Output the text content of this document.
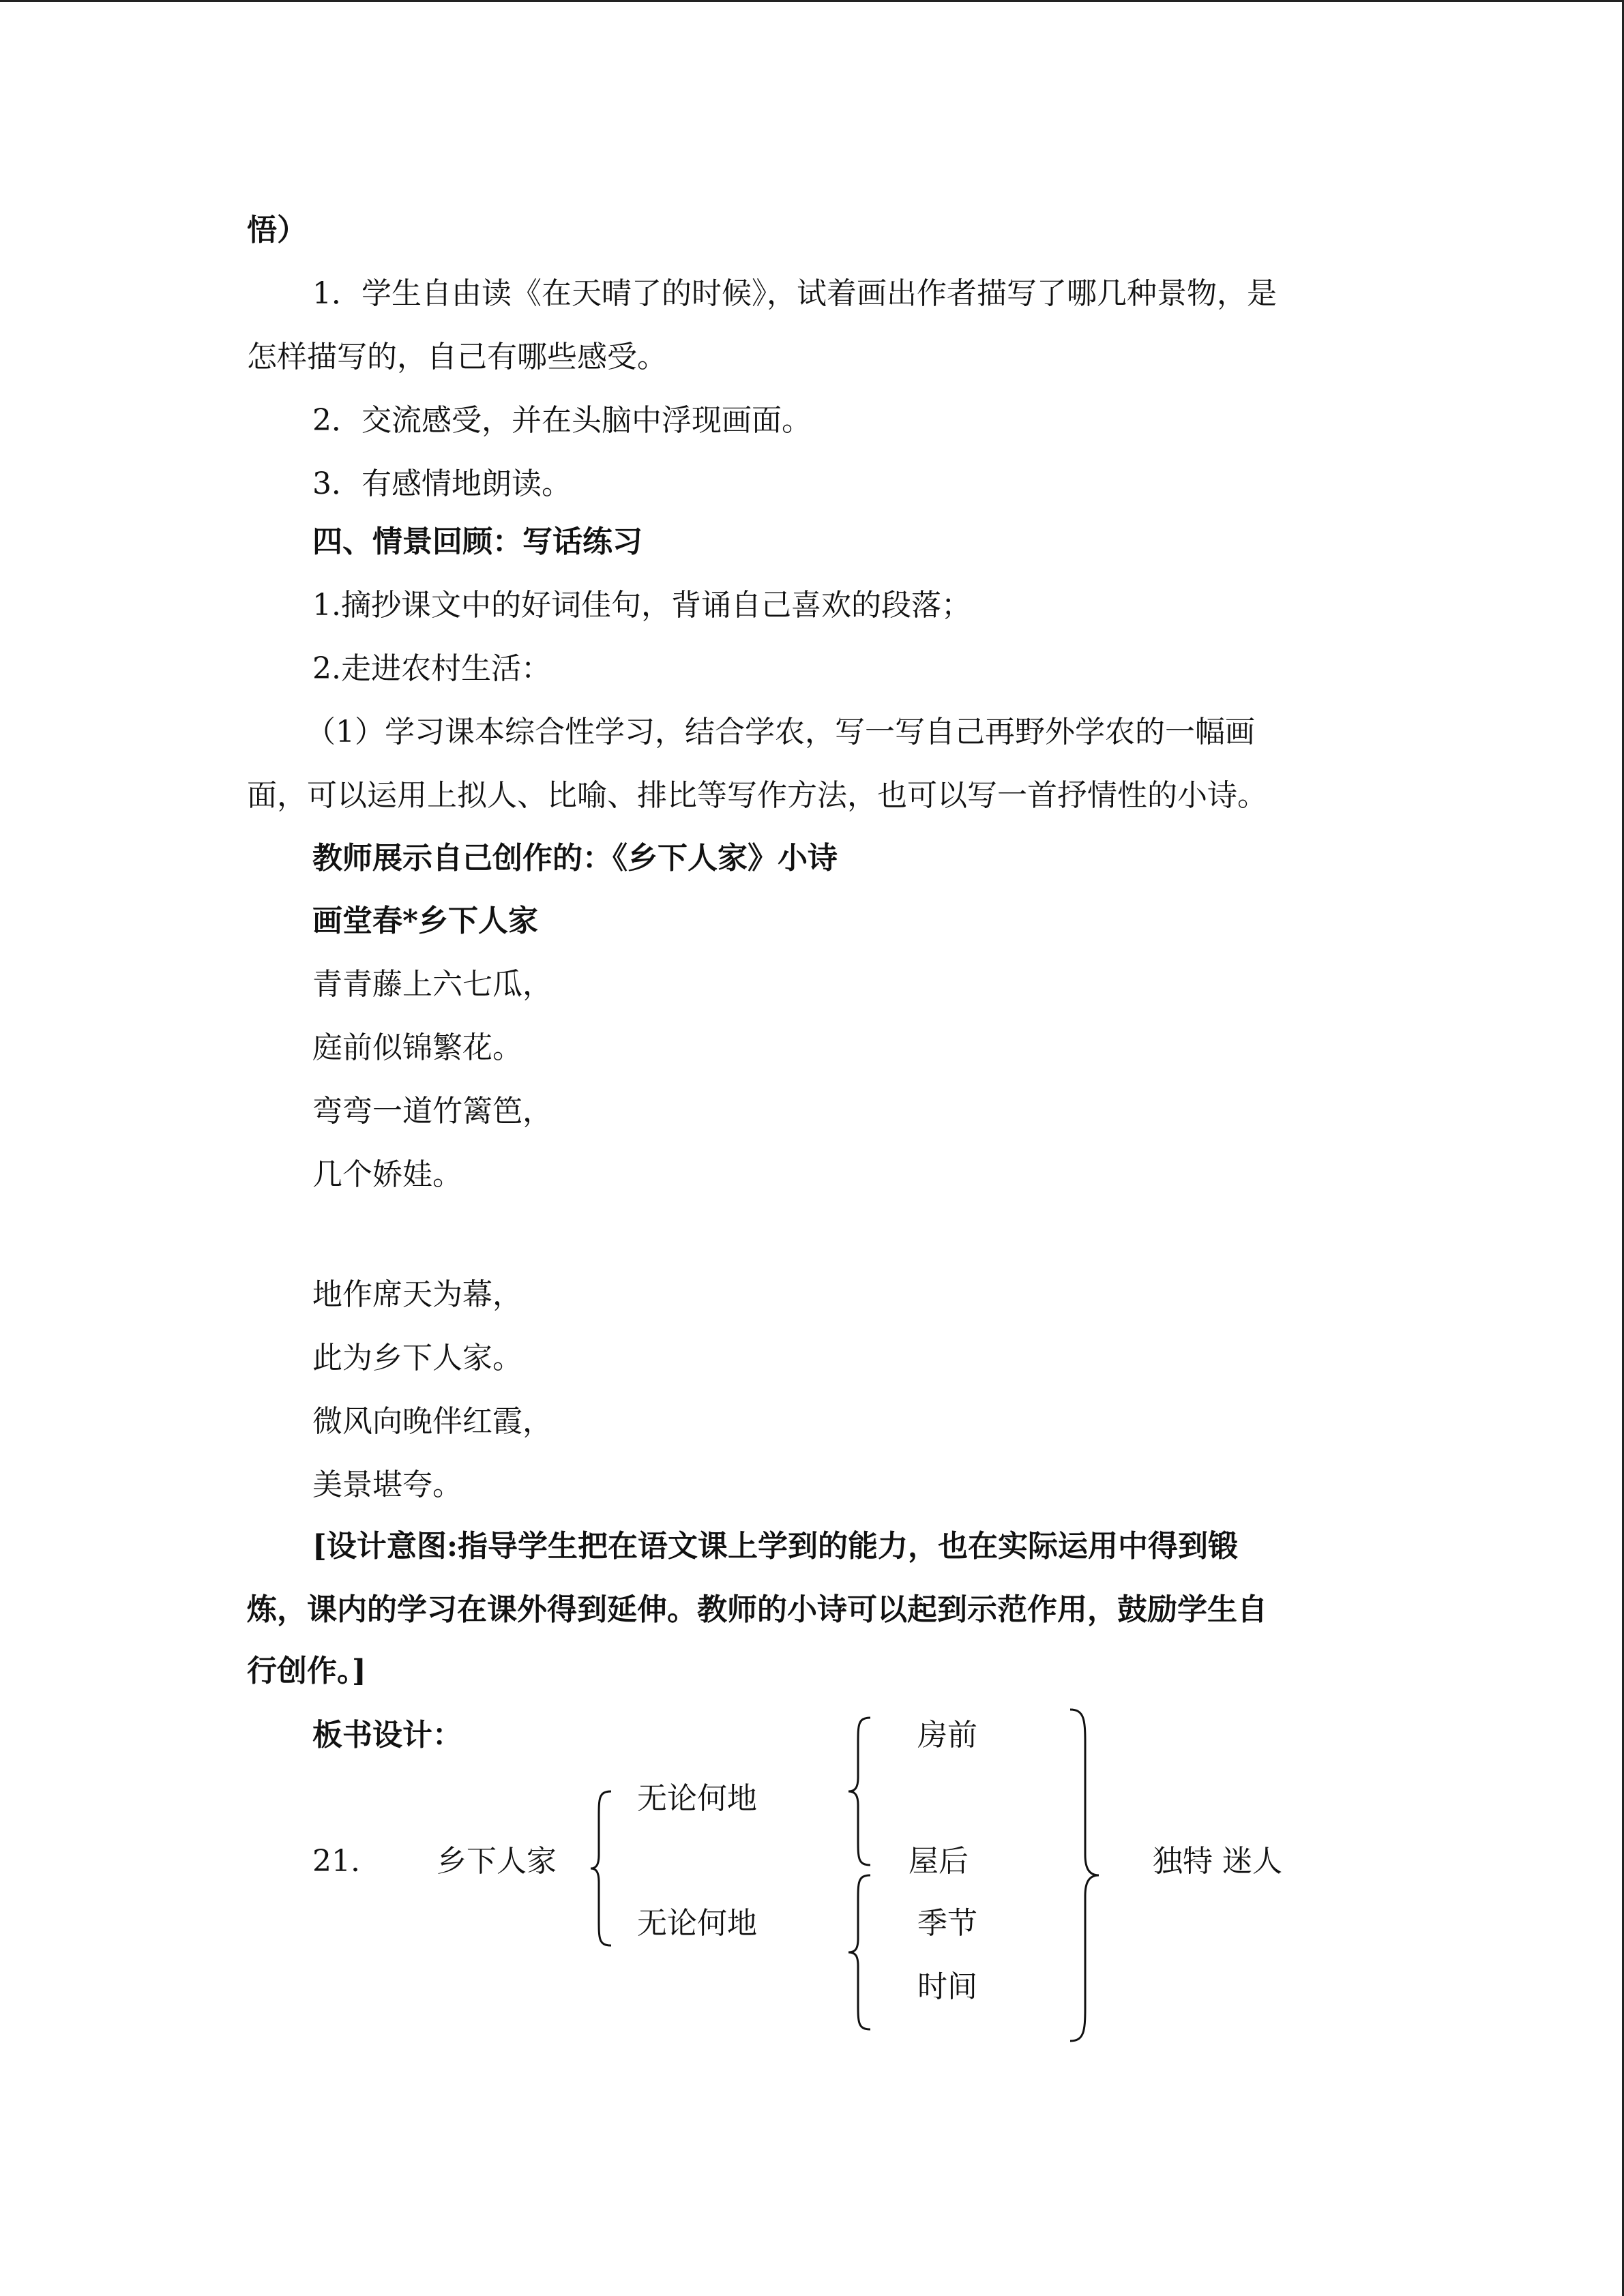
悟）
1．学生自由读《在天晴了的时候》，试着画出作者描写了哪几种景物，是
怎样描写的，自己有哪些感受。
2．交流感受，并在头脑中浮现画面。
3．有感情地朗读。
四、情景回顾：写话练习
1.摘抄课文中的好词佳句，背诵自己喜欢的段落；
2.走进农村生活：
（1）学习课本综合性学习，结合学农，写一写自己再野外学农的一幅画
面，可以运用上拟人、比喻、排比等写作方法，也可以写一首抒情性的小诗。
教师展示自己创作的：《乡下人家》小诗
画堂春*乡下人家
青青藤上六七瓜，
庭前似锦繁花。
弯弯一道竹篱笆，
几个娇娃。
地作席天为幕，
此为乡下人家。
微风向晚伴红霞，
美景堪夸。
[设计意图:指导学生把在语文课上学到的能力，也在实际运用中得到锻
炼，课内的学习在课外得到延伸。教师的小诗可以起到示范作用，鼓励学生自
行创作。]
板书设计：
21.	乡下人家
无论何地
无论何地
房前
屋后
季节
时间
独特 迷人
